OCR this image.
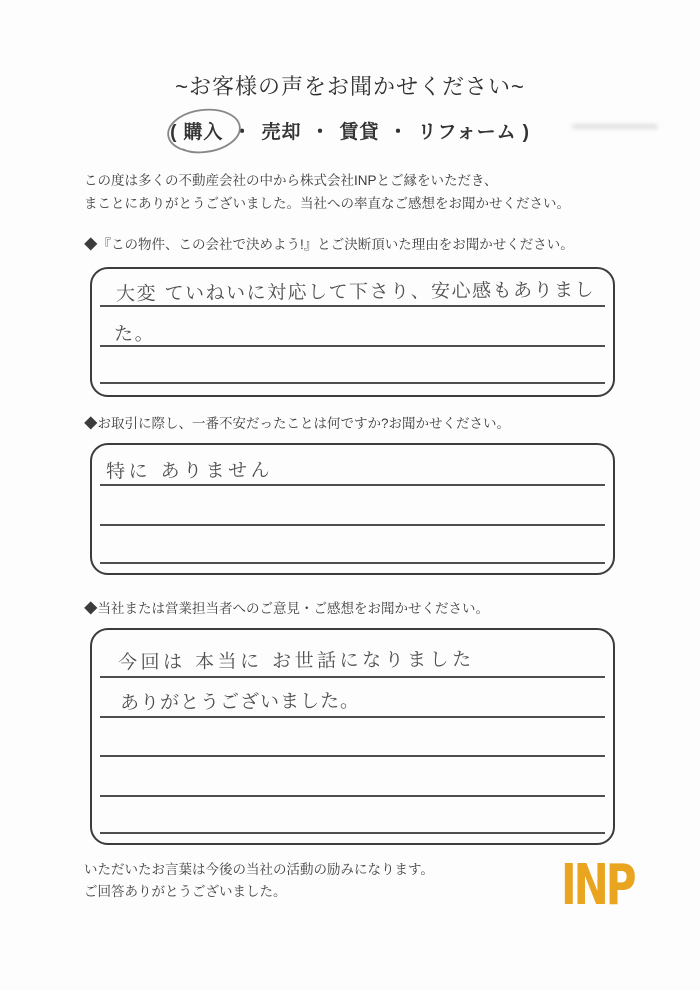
~お客様の声をお聞かせください~
( 購入 ・ 売却 ・ 賃貸 ・ リフォーム )
この度は多くの不動産会社の中から株式会社INPとご縁をいただき、
まことにありがとうございました。当社への率直なご感想をお聞かせください。
◆『この物件、この会社で決めよう!』とご決断頂いた理由をお聞かせください。
大変 ていねいに対応して下さり、安心感もありまし
た。
◆お取引に際し、一番不安だったことは何ですか?お聞かせください。
特に ありません
◆当社または営業担当者へのご意見・ご感想をお聞かせください。
今回は 本当に お世話になりました
ありがとうございました。
いただいたお言葉は今後の当社の活動の励みになります。
ご回答ありがとうございました。	INP
